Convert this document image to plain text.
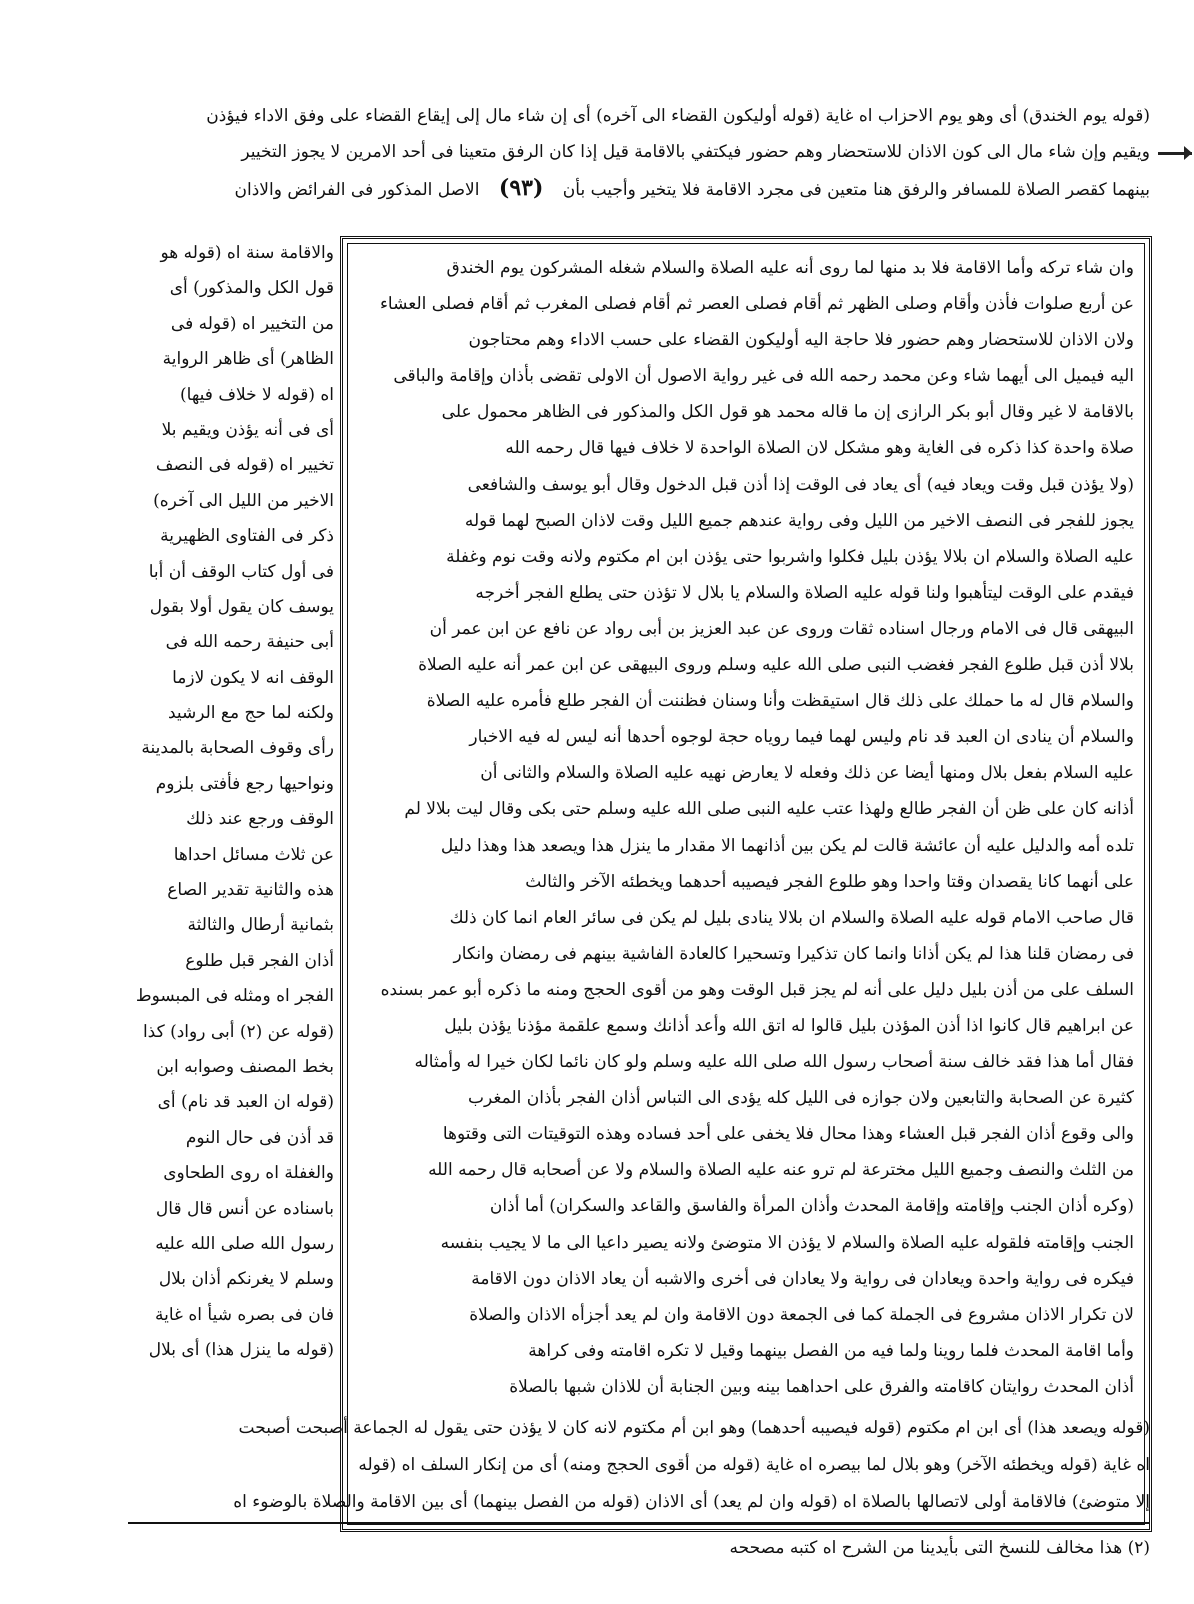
(قوله يوم الخندق) أى وهو يوم الاحزاب اه غاية (قوله أوليكون القضاء الى آخره) أى إن شاء مال إلى إيقاع القضاء على وفق الاداء فيؤذن
ويقيم وإن شاء مال الى كون الاذان للاستحضار وهم حضور فيكتفي بالاقامة قيل إذا كان الرفق متعينا فى أحد الامرين لا يجوز التخيير
بينهما كقصر الصلاة للمسافر والرفق هنا متعين فى مجرد الاقامة فلا يتخير وأجيب بأن (٩٣) الاصل المذكور فى الفرائض والاذان
وان شاء تركه وأما الاقامة فلا بد منها لما روى أنه عليه الصلاة والسلام شغله المشركون يوم الخندق
عن أربع صلوات فأذن وأقام وصلى الظهر ثم أقام فصلى العصر ثم أقام فصلى المغرب ثم أقام فصلى العشاء
ولان الاذان للاستحضار وهم حضور فلا حاجة اليه أوليكون القضاء على حسب الاداء وهم محتاجون
اليه فيميل الى أيهما شاء وعن محمد رحمه الله فى غير رواية الاصول أن الاولى تقضى بأذان وإقامة والباقى
بالاقامة لا غير وقال أبو بكر الرازى إن ما قاله محمد هو قول الكل والمذكور فى الظاهر محمول على
صلاة واحدة كذا ذكره فى الغاية وهو مشكل لان الصلاة الواحدة لا خلاف فيها قال رحمه الله
(ولا يؤذن قبل وقت ويعاد فيه) أى يعاد فى الوقت إذا أذن قبل الدخول وقال أبو يوسف والشافعى
يجوز للفجر فى النصف الاخير من الليل وفى رواية عندهم جميع الليل وقت لاذان الصبح لهما قوله
عليه الصلاة والسلام ان بلالا يؤذن بليل فكلوا واشربوا حتى يؤذن ابن ام مكتوم ولانه وقت نوم وغفلة
فيقدم على الوقت ليتأهبوا ولنا قوله عليه الصلاة والسلام يا بلال لا تؤذن حتى يطلع الفجر أخرجه
البيهقى قال فى الامام ورجال اسناده ثقات وروى عن عبد العزيز بن أبى رواد عن نافع عن ابن عمر أن
بلالا أذن قبل طلوع الفجر فغضب النبى صلى الله عليه وسلم وروى البيهقى عن ابن عمر أنه عليه الصلاة
والسلام قال له ما حملك على ذلك قال استيقظت وأنا وسنان فظننت أن الفجر طلع فأمره عليه الصلاة
والسلام أن ينادى ان العبد قد نام وليس لهما فيما روياه حجة لوجوه أحدها أنه ليس له فيه الاخبار
عليه السلام بفعل بلال ومنها أيضا عن ذلك وفعله لا يعارض نهيه عليه الصلاة والسلام والثانى أن
أذانه كان على ظن أن الفجر طالع ولهذا عتب عليه النبى صلى الله عليه وسلم حتى بكى وقال ليت بلالا لم
تلده أمه والدليل عليه أن عائشة قالت لم يكن بين أذانهما الا مقدار ما ينزل هذا ويصعد هذا وهذا دليل
على أنهما كانا يقصدان وقتا واحدا وهو طلوع الفجر فيصيبه أحدهما ويخطئه الآخر والثالث
قال صاحب الامام قوله عليه الصلاة والسلام ان بلالا ينادى بليل لم يكن فى سائر العام انما كان ذلك
فى رمضان قلنا هذا لم يكن أذانا وانما كان تذكيرا وتسحيرا كالعادة الفاشية بينهم فى رمضان وانكار
السلف على من أذن بليل دليل على أنه لم يجز قبل الوقت وهو من أقوى الحجج ومنه ما ذكره أبو عمر بسنده
عن ابراهيم قال كانوا اذا أذن المؤذن بليل قالوا له اتق الله وأعد أذانك وسمع علقمة مؤذنا يؤذن بليل
فقال أما هذا فقد خالف سنة أصحاب رسول الله صلى الله عليه وسلم ولو كان نائما لكان خيرا له وأمثاله
كثيرة عن الصحابة والتابعين ولان جوازه فى الليل كله يؤدى الى التباس أذان الفجر بأذان المغرب
والى وقوع أذان الفجر قبل العشاء وهذا محال فلا يخفى على أحد فساده وهذه التوقيتات التى وقتوها
من الثلث والنصف وجميع الليل مخترعة لم ترو عنه عليه الصلاة والسلام ولا عن أصحابه قال رحمه الله
(وكره أذان الجنب وإقامته وإقامة المحدث وأذان المرأة والفاسق والقاعد والسكران) أما أذان
الجنب وإقامته فلقوله عليه الصلاة والسلام لا يؤذن الا متوضئ ولانه يصير داعيا الى ما لا يجيب بنفسه
فيكره فى رواية واحدة ويعادان فى رواية ولا يعادان فى أخرى والاشبه أن يعاد الاذان دون الاقامة
لان تكرار الاذان مشروع فى الجملة كما فى الجمعة دون الاقامة وان لم يعد أجزأه الاذان والصلاة
وأما اقامة المحدث فلما روينا ولما فيه من الفصل بينهما وقيل لا تكره اقامته وفى كراهة
أذان المحدث روايتان كاقامته والفرق على احداهما بينه وبين الجنابة أن للاذان شبها بالصلاة
والاقامة سنة اه (قوله هو
قول الكل والمذكور) أى
من التخيير اه (قوله فى
الظاهر) أى ظاهر الرواية
اه (قوله لا خلاف فيها)
أى فى أنه يؤذن ويقيم بلا
تخيير اه (قوله فى النصف
الاخير من الليل الى آخره)
ذكر فى الفتاوى الظهيرية
فى أول كتاب الوقف أن أبا
يوسف كان يقول أولا بقول
أبى حنيفة رحمه الله فى
الوقف انه لا يكون لازما
ولكنه لما حج مع الرشيد
رأى وقوف الصحابة بالمدينة
ونواحيها رجع فأفتى بلزوم
الوقف ورجع عند ذلك
عن ثلاث مسائل احداها
هذه والثانية تقدير الصاع
بثمانية أرطال والثالثة
أذان الفجر قبل طلوع
الفجر اه ومثله فى المبسوط
(قوله عن (٢) أبى رواد) كذا
بخط المصنف وصوابه ابن
(قوله ان العبد قد نام) أى
قد أذن فى حال النوم
والغفلة اه روى الطحاوى
باسناده عن أنس قال قال
رسول الله صلى الله عليه
وسلم لا يغرنكم أذان بلال
فان فى بصره شيأ اه غاية
(قوله ما ينزل هذا) أى بلال
(قوله ويصعد هذا) أى ابن ام مكتوم (قوله فيصيبه أحدهما) وهو ابن أم مكتوم لانه كان لا يؤذن حتى يقول له الجماعة أصبحت أصبحت
اه غاية (قوله ويخطئه الآخر) وهو بلال لما بيصره اه غاية (قوله من أقوى الحجج ومنه) أى من إنكار السلف اه (قوله
إلا متوضئ) فالاقامة أولى لاتصالها بالصلاة اه (قوله وان لم يعد) أى الاذان (قوله من الفصل بينهما) أى بين الاقامة والصلاة بالوضوء اه
(٢) هذا مخالف للنسخ التى بأيدينا من الشرح اه كتبه مصححه
